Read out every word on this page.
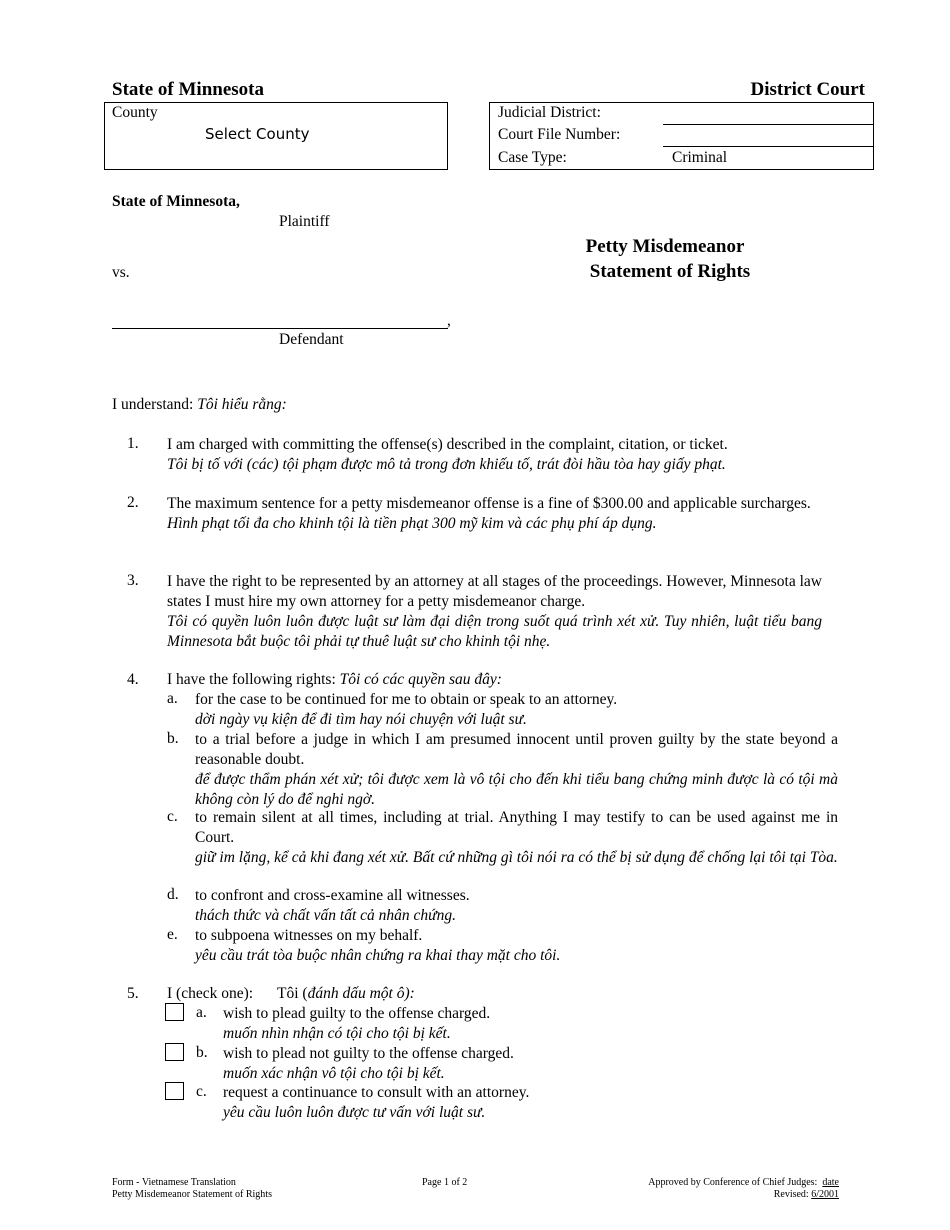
State of Minnesota	District Court
County
Select County
Judicial District:
Court File Number:
Case Type:	Criminal
State of Minnesota,
Plaintiff
vs.
,
Defendant
Petty Misdemeanor
Statement of Rights
I understand: Tôi hiểu rằng:
1. I am charged with committing the offense(s) described in the complaint, citation, or ticket.
Tôi bị tố với (các) tội phạm được mô tả trong đơn khiếu tố, trát đòi hầu tòa hay giấy phạt.
2. The maximum sentence for a petty misdemeanor offense is a fine of $300.00 and applicable surcharges.
Hình phạt tối đa cho khinh tội là tiền phạt 300 mỹ kim và các phụ phí áp dụng.
3. I have the right to be represented by an attorney at all stages of the proceedings. However, Minnesota law states I must hire my own attorney for a petty misdemeanor charge.
Tôi có quyền luôn luôn được luật sư làm đại diện trong suốt quá trình xét xử. Tuy nhiên, luật tiểu bang Minnesota bắt buộc tôi phải tự thuê luật sư cho khinh tội nhẹ.
4. I have the following rights: Tôi có các quyền sau đây:
a. for the case to be continued for me to obtain or speak to an attorney.
dời ngày vụ kiện để đi tìm hay nói chuyện với luật sư.
b. to a trial before a judge in which I am presumed innocent until proven guilty by the state beyond a reasonable doubt.
để được thẩm phán xét xử; tôi được xem là vô tội cho đến khi tiểu bang chứng minh được là có tội mà không còn lý do để nghi ngờ.
c. to remain silent at all times, including at trial. Anything I may testify to can be used against me in Court.
giữ im lặng, kể cả khi đang xét xử. Bất cứ những gì tôi nói ra có thể bị sử dụng để chống lại tôi tại Tòa.
d. to confront and cross-examine all witnesses.
thách thức và chất vấn tất cả nhân chứng.
e. to subpoena witnesses on my behalf.
yêu cầu trát tòa buộc nhân chứng ra khai thay mặt cho tôi.
5. I (check one): Tôi (đánh dấu một ô):
a. wish to plead guilty to the offense charged.
muốn nhìn nhận có tội cho tội bị kết.
b. wish to plead not guilty to the offense charged.
muốn xác nhận vô tội cho tội bị kết.
c. request a continuance to consult with an attorney.
yêu cầu luôn luôn được tư vấn với luật sư.
Form - Vietnamese Translation
Petty Misdemeanor Statement of Rights
Page 1 of 2	Approved by Conference of Chief Judges: date
Revised: 6/2001
